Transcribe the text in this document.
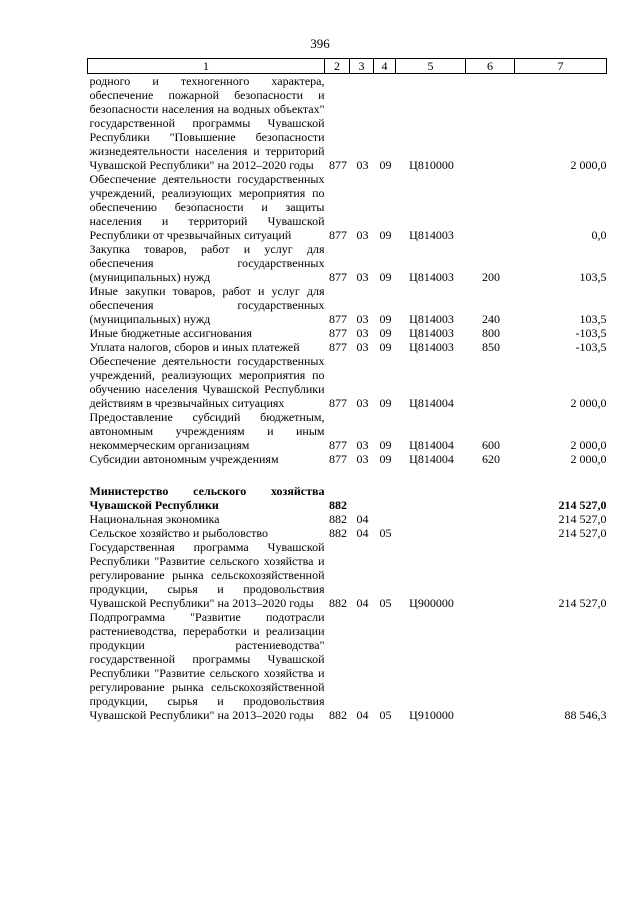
396
1	2	3	4	5	6	7
родного и техногенного характера, обеспечение пожарной безопасности и безопасности населения на водных объектах" государственной программы Чувашской Республики "Повышение безопасности жизнедеятельности населения и территорий Чувашской Республики" на 2012–2020 годы	877	03	09	Ц810000		2 000,0
Обеспечение деятельности государственных учреждений, реализующих мероприятия по обеспечению безопасности и защиты населения и территорий Чувашской Республики от чрезвычайных ситуаций	877	03	09	Ц814003		0,0
Закупка товаров, работ и услуг для обеспечения государственных (муниципальных) нужд	877	03	09	Ц814003	200	103,5
Иные закупки товаров, работ и услуг для обеспечения государственных (муниципальных) нужд	877	03	09	Ц814003	240	103,5
Иные бюджетные ассигнования	877	03	09	Ц814003	800	-103,5
Уплата налогов, сборов и иных платежей	877	03	09	Ц814003	850	-103,5
Обеспечение деятельности государственных учреждений, реализующих мероприятия по обучению населения Чувашской Республики действиям в чрезвычайных ситуациях	877	03	09	Ц814004		2 000,0
Предоставление субсидий бюджетным, автономным учреждениям и иным некоммерческим организациям	877	03	09	Ц814004	600	2 000,0
Субсидии автономным учреждениям	877	03	09	Ц814004	620	2 000,0

Министерство сельского хозяйства Чувашской Республики	882					214 527,0
Национальная экономика	882	04				214 527,0
Сельское хозяйство и рыболовство	882	04	05			214 527,0
Государственная программа Чувашской Республики "Развитие сельского хозяйства и регулирование рынка сельскохозяйственной продукции, сырья и продовольствия Чувашской Республики" на 2013–2020 годы	882	04	05	Ц900000		214 527,0
Подпрограмма "Развитие подотрасли растениеводства, переработки и реализации продукции растениеводства" государственной программы Чувашской Республики "Развитие сельского хозяйства и регулирование рынка сельскохозяйственной продукции, сырья и продовольствия Чувашской Республики" на 2013–2020 годы	882	04	05	Ц910000		88 546,3
